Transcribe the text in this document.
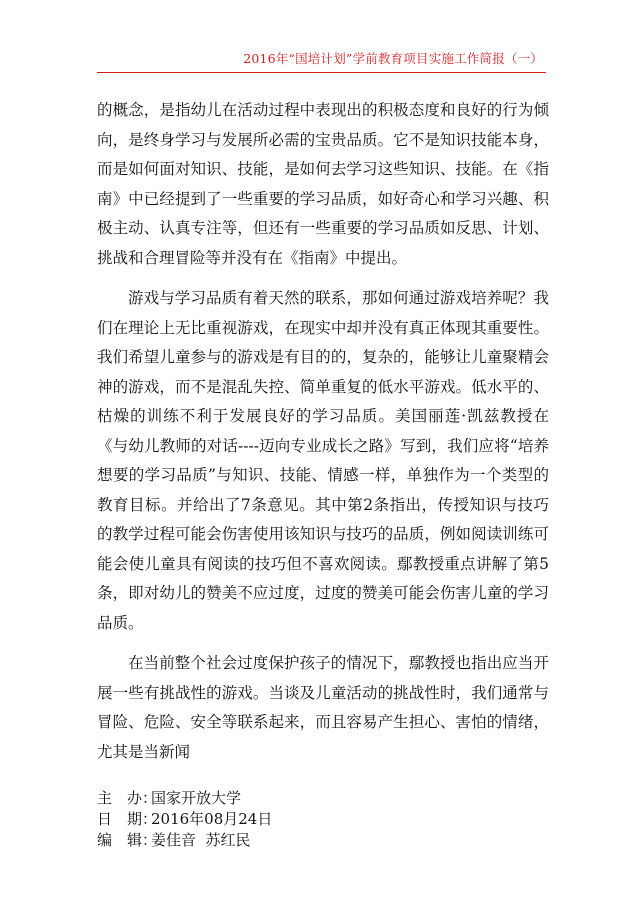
2016年“国培计划”学前教育项目实施工作简报（一）

的概念，是指幼儿在活动过程中表现出的积极态度和良好的行为倾向，是终身学习与发展所必需的宝贵品质。它不是知识技能本身，而是如何面对知识、技能，是如何去学习这些知识、技能。在《指南》中已经提到了一些重要的学习品质，如好奇心和学习兴趣、积极主动、认真专注等，但还有一些重要的学习品质如反思、计划、挑战和合理冒险等并没有在《指南》中提出。

游戏与学习品质有着天然的联系，那如何通过游戏培养呢？我们在理论上无比重视游戏，在现实中却并没有真正体现其重要性。我们希望儿童参与的游戏是有目的的，复杂的，能够让儿童聚精会神的游戏，而不是混乱失控、简单重复的低水平游戏。低水平的、枯燥的训练不利于发展良好的学习品质。美国丽莲·凯兹教授在《与幼儿教师的对话----迈向专业成长之路》写到，我们应将“培养想要的学习品质”与知识、技能、情感一样，单独作为一个类型的教育目标。并给出了7条意见。其中第2条指出，传授知识与技巧的教学过程可能会伤害使用该知识与技巧的品质，例如阅读训练可能会使儿童具有阅读的技巧但不喜欢阅读。鄢教授重点讲解了第5条，即对幼儿的赞美不应过度，过度的赞美可能会伤害儿童的学习品质。

在当前整个社会过度保护孩子的情况下，鄢教授也指出应当开展一些有挑战性的游戏。当谈及儿童活动的挑战性时，我们通常与冒险、危险、安全等联系起来，而且容易产生担心、害怕的情绪，尤其是当新闻

主　办：
国家开放大学
日　期：
2016年08月24日
编　辑：
姜佳音  苏红民
